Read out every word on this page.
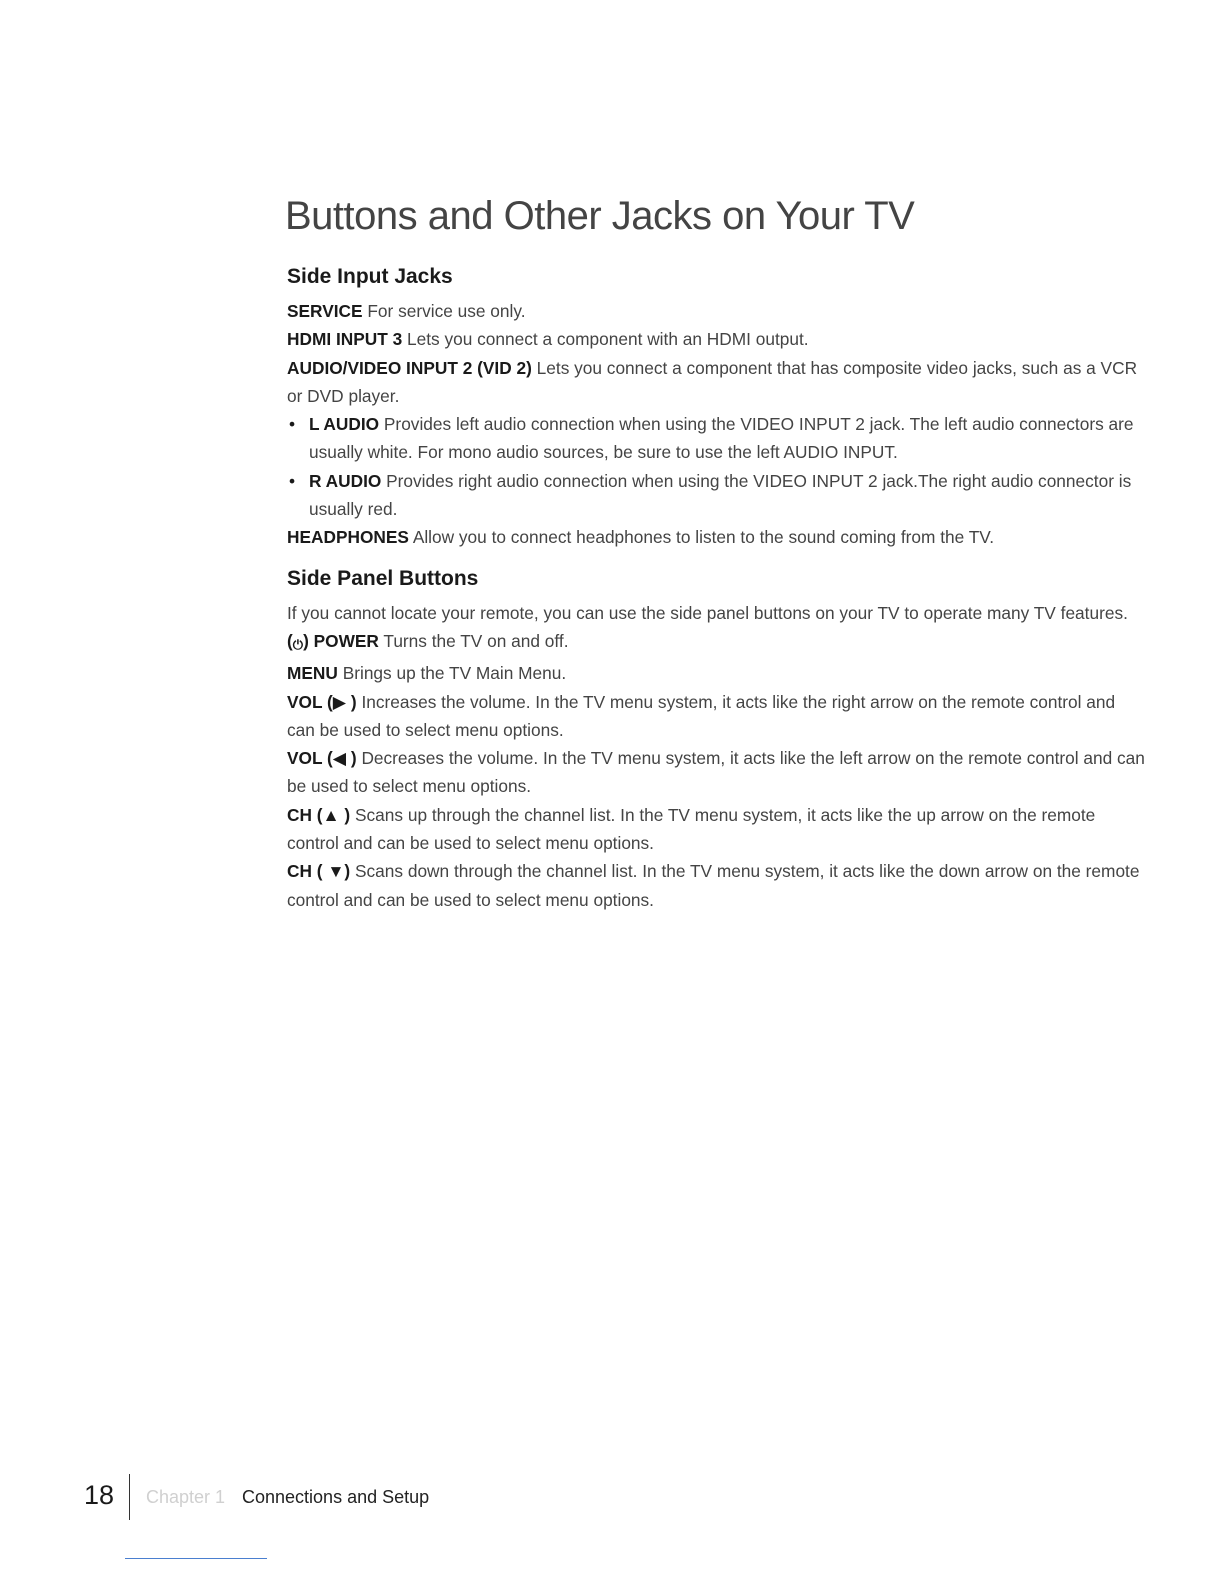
Buttons and Other Jacks on Your TV
Side Input Jacks

SERVICE For service use only.

HDMI INPUT 3 Lets you connect a component with an HDMI output.

AUDIO/VIDEO INPUT 2 (VID 2) Lets you connect a component that has composite video jacks, such as a VCR or DVD player.

• L AUDIO Provides left audio connection when using the VIDEO INPUT 2 jack. The left audio connectors are usually white. For mono audio sources, be sure to use the left AUDIO INPUT.
• R AUDIO Provides right audio connection when using the VIDEO INPUT 2 jack.The right audio connector is usually red.

HEADPHONES Allow you to connect headphones to listen to the sound coming from the TV.

Side Panel Buttons

If you cannot locate your remote, you can use the side panel buttons on your TV to operate many TV features.

(⏻) POWER Turns the TV on and off.

MENU Brings up the TV Main Menu.

VOL (▶ ) Increases the volume. In the TV menu system, it acts like the right arrow on the remote control and can be used to select menu options.

VOL (◀ ) Decreases the volume. In the TV menu system, it acts like the left arrow on the remote control and can be used to select menu options.

CH (▲ ) Scans up through the channel list. In the TV menu system, it acts like the up arrow on the remote control and can be used to select menu options.

CH ( ▼) Scans down through the channel list. In the TV menu system, it acts like the down arrow on the remote control and can be used to select menu options.

18 Chapter 1 Connections and Setup
